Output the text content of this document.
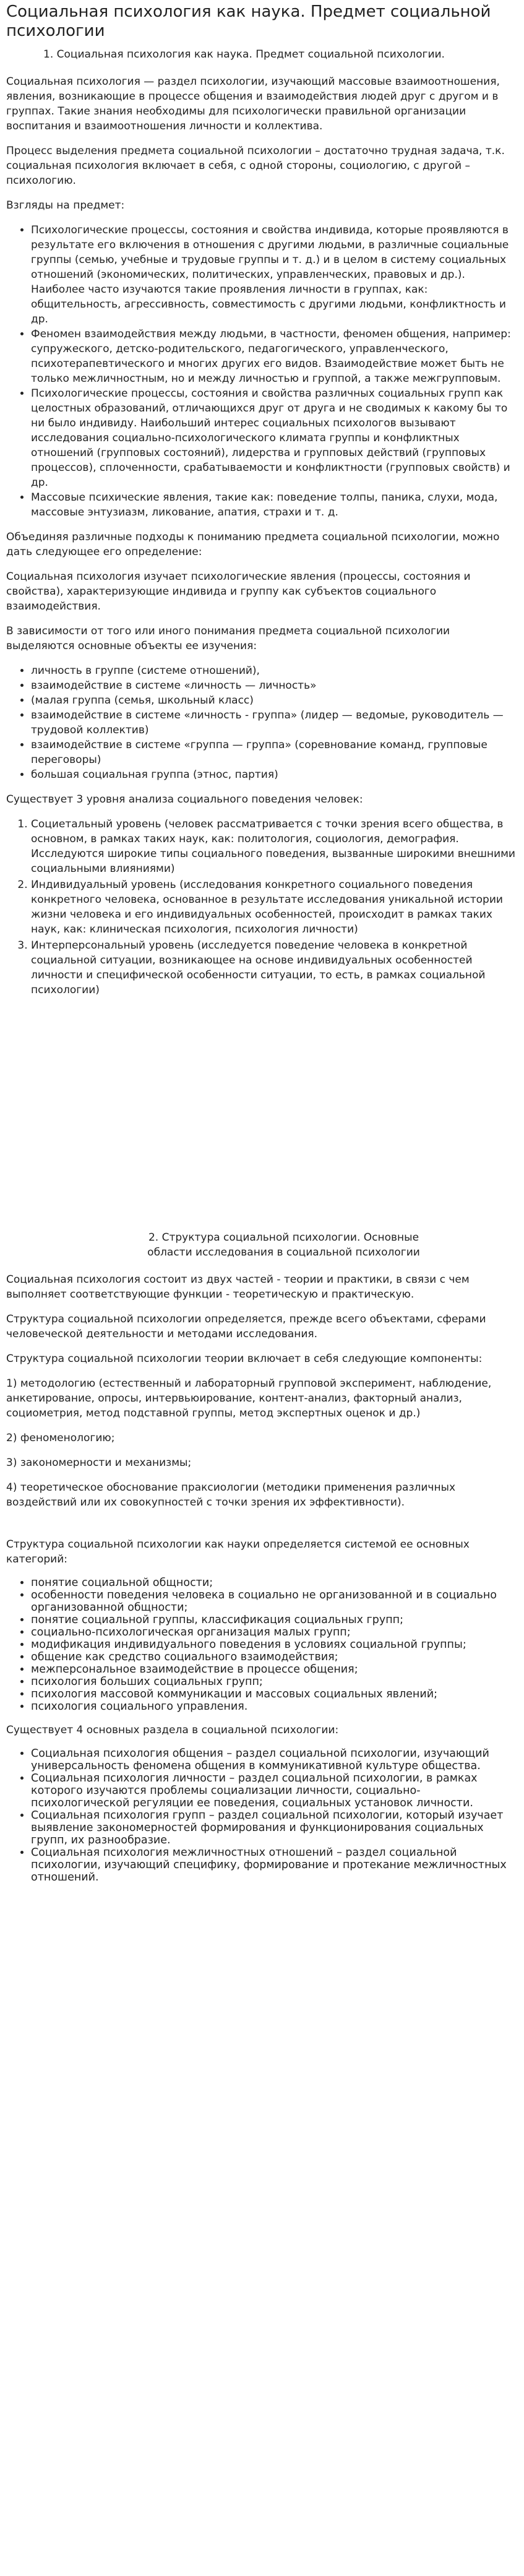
Социальная психология как наука. Предмет социальной психологии
1. Социальная психология как наука. Предмет социальной психологии.

Социальная психология — раздел психологии, изучающий массовые взаимоотношения, явления, возникающие в процессе общения и взаимодействия людей друг с другом и в группах. Такие знания необходимы для психологически правильной организации воспитания и взаимоотношения личности и коллектива.

Процесс выделения предмета социальной психологии – достаточно трудная задача, т.к. социальная психология включает в себя, с одной стороны, социологию, с другой – психологию.

Взгляды на предмет:

• Психологические процессы, состояния и свойства индивида, которые проявляются в результате его включения в отношения с другими людьми, в различные социальные группы (семью, учебные и трудовые группы и т. д.) и в целом в систему социальных отношений (экономических, политических, управленческих, правовых и др.). Наиболее часто изучаются такие проявления личности в группах, как: общительность, агрессивность, совместимость с другими людьми, конфликтность и др.
• Феномен взаимодействия между людьми, в частности, феномен общения, например: супружеского, детско-родительского, педагогического, управленческого, психотерапевтического и многих других его видов. Взаимодействие может быть не только межличностным, но и между личностью и группой, а также межгрупповым.
• Психологические процессы, состояния и свойства различных социальных групп как целостных образований, отличающихся друг от друга и не сводимых к какому бы то ни было индивиду. Наибольший интерес социальных психологов вызывают исследования социально-психологического климата группы и конфликтных отношений (групповых состояний), лидерства и групповых действий (групповых процессов), сплоченности, срабатываемости и конфликтности (групповых свойств) и др.
• Массовые психические явления, такие как: поведение толпы, паника, слухи, мода, массовые энтузиазм, ликование, апатия, страхи и т. д.

Объединяя различные подходы к пониманию предмета социальной психологии, можно дать следующее его определение:

Социальная психология изучает психологические явления (процессы, состояния и свойства), характеризующие индивида и группу как субъектов социального взаимодействия.

В зависимости от того или иного понимания предмета социальной психологии выделяются основные объекты ее изучения:

• личность в группе (системе отношений),
• взаимодействие в системе «личность — личность»
• (малая группа (семья, школьный класс)
• взаимодействие в системе «личность - группа» (лидер — ведомые, руководитель — трудовой коллектив)
• взаимодействие в системе «группа — группа» (соревнование команд, групповые переговоры)
• большая социальная группа (этнос, партия)

Существует 3 уровня анализа социального поведения человек:

1. Социетальный уровень (человек рассматривается с точки зрения всего общества, в основном, в рамках таких наук, как: политология, социология, демография. Исследуются широкие типы социального поведения, вызванные широкими внешними социальными влияниями)
2. Индивидуальный уровень (исследования конкретного социального поведения конкретного человека, основанное в результате исследования уникальной истории жизни человека и его индивидуальных особенностей, происходит в рамках таких наук, как: клиническая психология, психология личности)
3. Интерперсональный уровень (исследуется поведение человека в конкретной социальной ситуации, возникающее на основе индивидуальных особенностей личности и специфической особенности ситуации, то есть, в рамках социальной психологии)
2. Структура социальной психологии. Основные области исследования в социальной психологии

Социальная психология состоит из двух частей - теории и практики, в связи с чем выполняет соответствующие функции - теоретическую и практическую.

Структура социальной психологии определяется, прежде всего объектами, сферами человеческой деятельности и методами исследования.

Структура социальной психологии теории включает в себя следующие компоненты:

1) методологию (естественный и лабораторный групповой эксперимент, наблюдение, анкетирование, опросы, интервьюирование, контент-анализ, факторный анализ, социометрия, метод подставной группы, метод экспертных оценок и др.)

2) феноменологию;

3) закономерности и механизмы;

4) теоретическое обоснование праксиологии (методики применения различных воздействий или их совокупностей с точки зрения их эффективности).

Структура социальной психологии как науки определяется системой ее основных категорий:

• понятие социальной общности;
• особенности поведения человека в социально не организованной и в социально организованной общности;
• понятие социальной группы, классификация социальных групп;
• социально-психологическая организация малых групп;
• модификация индивидуального поведения в условиях социальной группы;
• общение как средство социального взаимодействия;
• межперсональное взаимодействие в процессе общения;
• психология больших социальных групп;
• психология массовой коммуникации и массовых социальных явлений;
• психология социального управления.

Существует 4 основных раздела в социальной психологии:

• Социальная психология общения – раздел социальной психологии, изучающий универсальность феномена общения в коммуникативной культуре общества.
• Социальная психология личности – раздел социальной психологии, в рамках которого изучаются проблемы социализации личности, социально-психологической регуляции ее поведения, социальных установок личности.
• Социальная психология групп – раздел социальной психологии, который изучает выявление закономерностей формирования и функционирования социальных групп, их разнообразие.
• Социальная психология межличностных отношений – раздел социальной психологии, изучающий специфику, формирование и протекание межличностных отношений.
